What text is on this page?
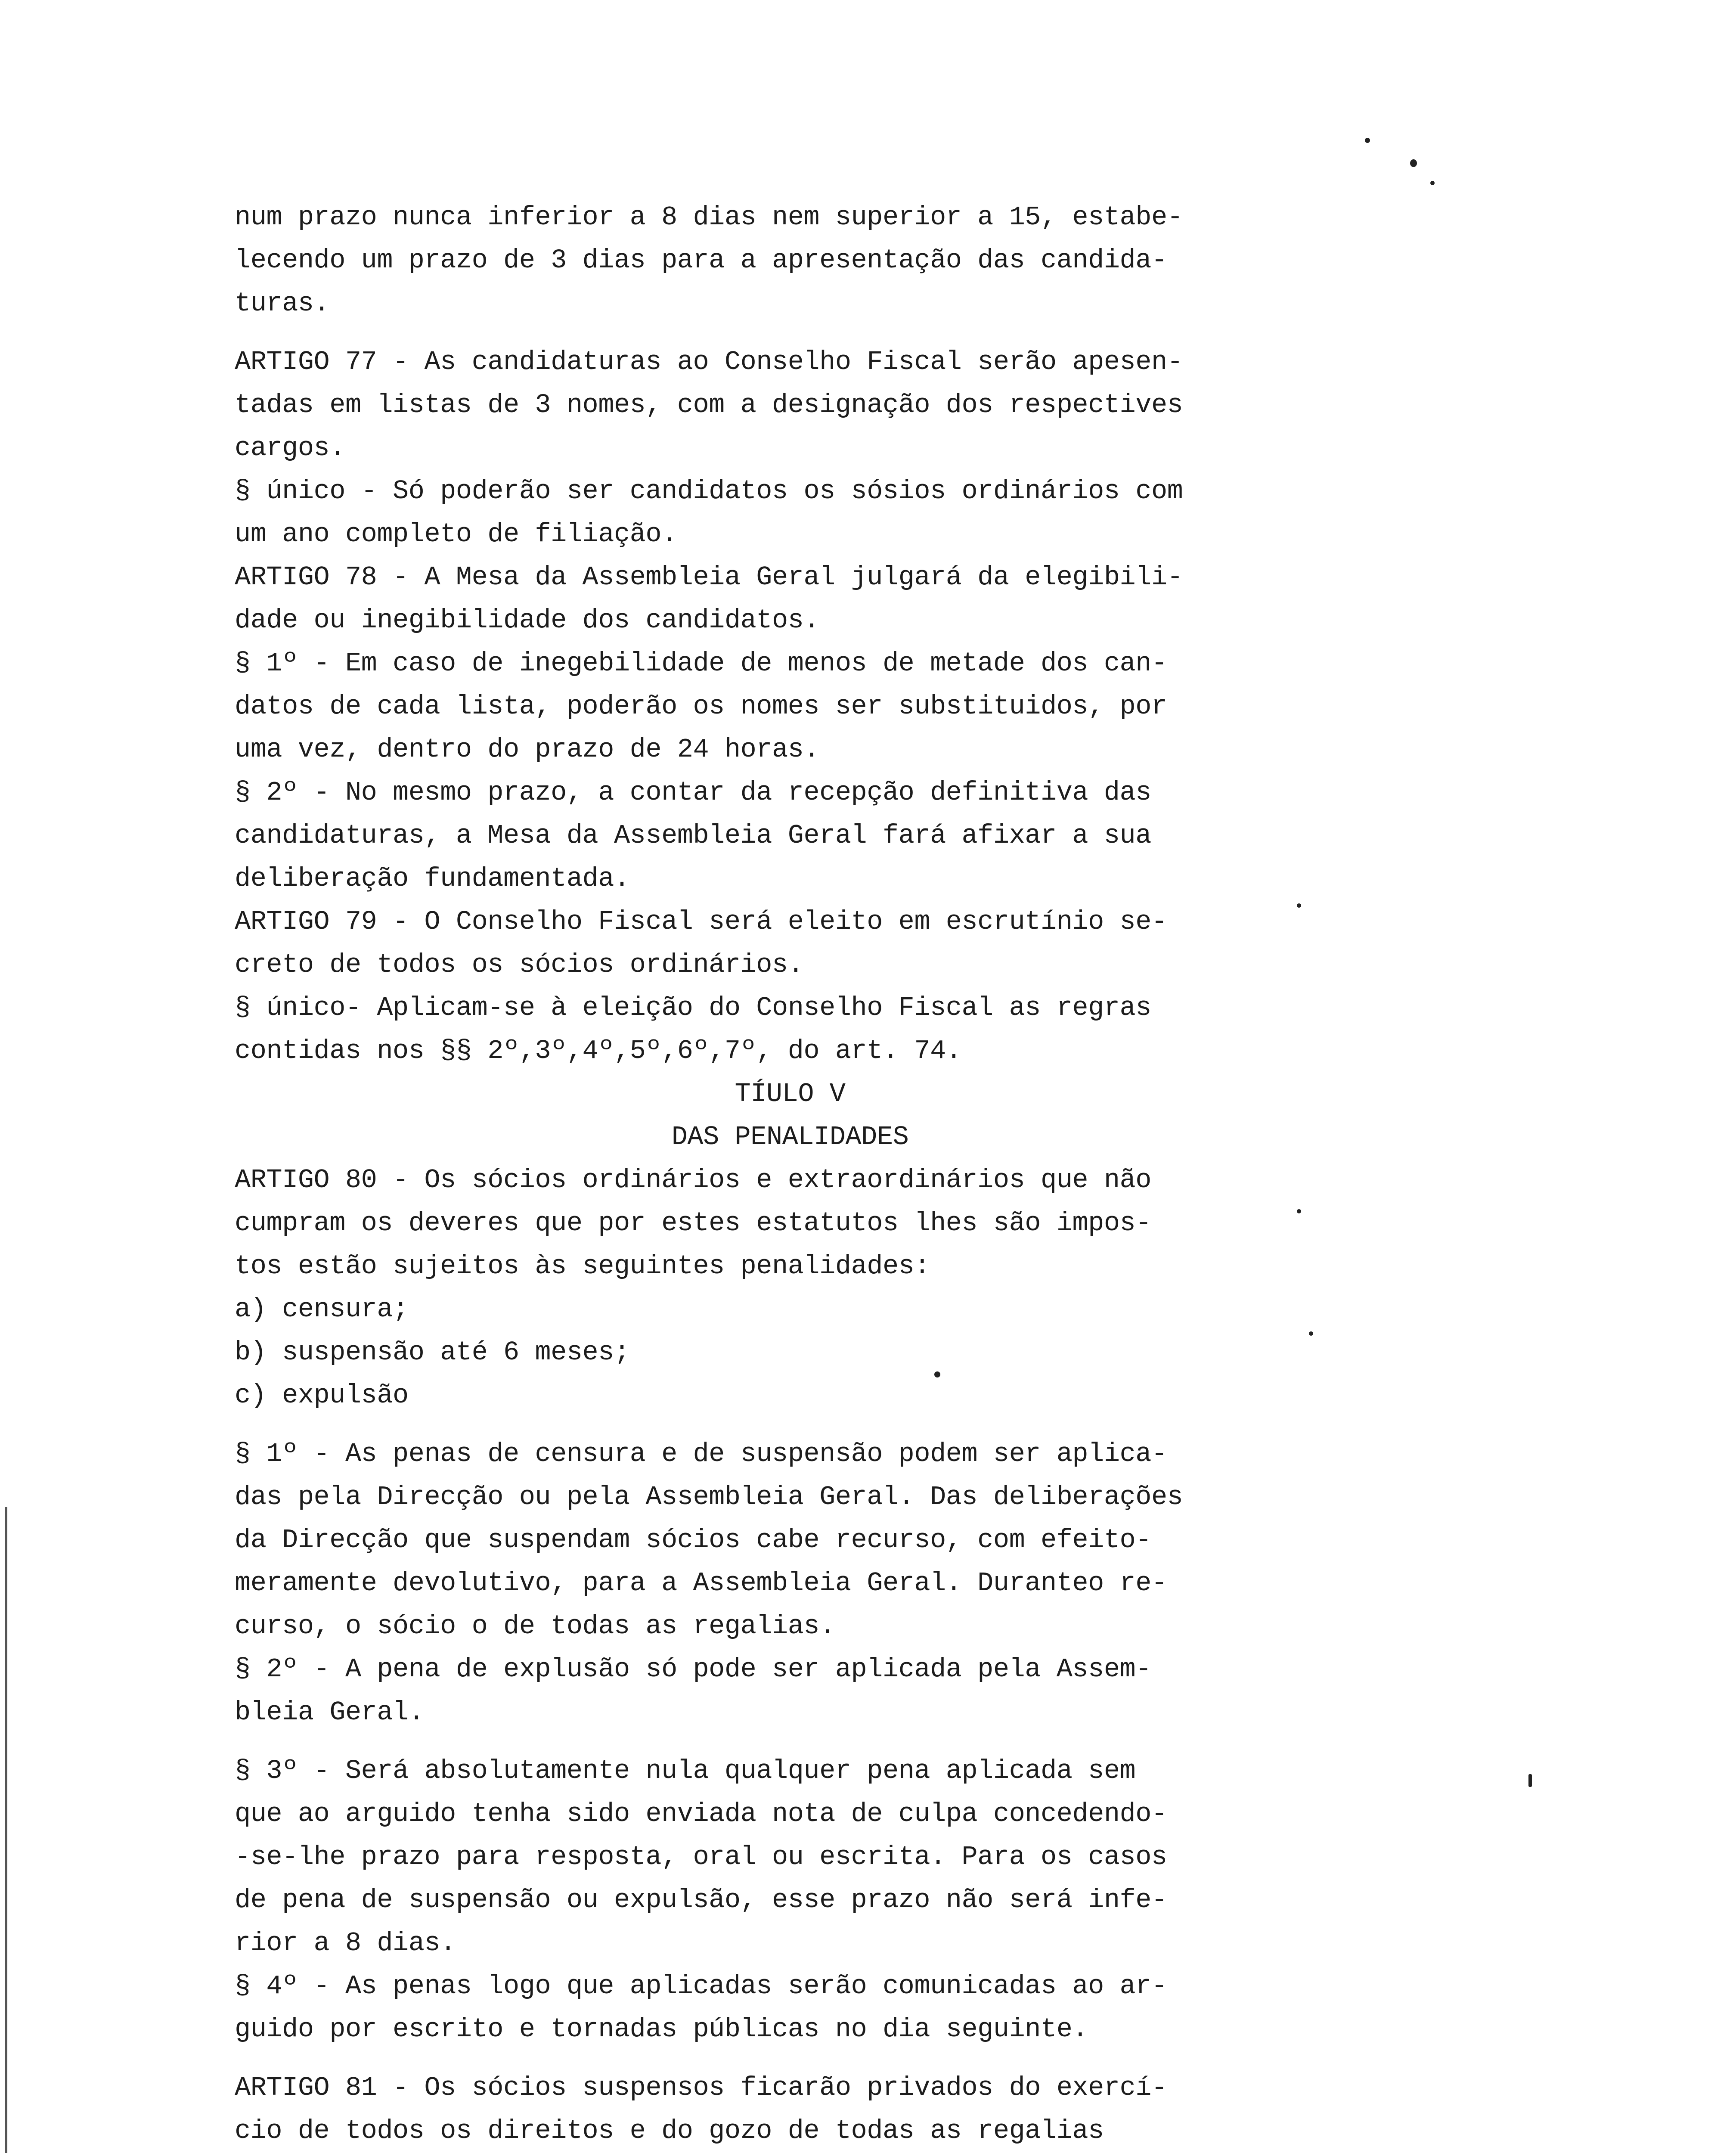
num prazo nunca inferior a 8 dias nem superior a 15, estabe-
lecendo um prazo de 3 dias para a apresentação das candida-
turas.
ARTIGO 77 - As candidaturas ao Conselho Fiscal serão apesen-
tadas em listas de 3 nomes, com a designação dos respectives
cargos.
§ único - Só poderão ser candidatos os sósios ordinários com
um ano completo de filiação.
ARTIGO 78 - A Mesa da Assembleia Geral julgará da elegibili-
dade ou inegibilidade dos candidatos.
§ 1º - Em caso de inegebilidade de menos de metade dos can-
datos de cada lista, poderão os nomes ser substituidos, por
uma vez, dentro do prazo de 24 horas.
§ 2º - No mesmo prazo, a contar da recepção definitiva das
candidaturas, a Mesa da Assembleia Geral fará afixar a sua
deliberação fundamentada.
ARTIGO 79 - O Conselho Fiscal será eleito em escrutínio se-
creto de todos os sócios ordinários.
§ único- Aplicam-se à eleição do Conselho Fiscal as regras
contidas nos §§ 2º,3º,4º,5º,6º,7º, do art. 74.
TÍULO V
DAS PENALIDADES
ARTIGO 80 - Os sócios ordinários e extraordinários que não
cumpram os deveres que por estes estatutos lhes são impos-
tos estão sujeitos às seguintes penalidades:
a) censura;
b) suspensão até 6 meses;
c) expulsão
§ 1º - As penas de censura e de suspensão podem ser aplica-
das pela Direcção ou pela Assembleia Geral. Das deliberações
da Direcção que suspendam sócios cabe recurso, com efeito-
meramente devolutivo, para a Assembleia Geral. Duranteo re-
curso, o sócio o de todas as regalias.
§ 2º - A pena de explusão só pode ser aplicada pela Assem-
bleia Geral.
§ 3º - Será absolutamente nula qualquer pena aplicada sem
que ao arguido tenha sido enviada nota de culpa concedendo-
-se-lhe prazo para resposta, oral ou escrita. Para os casos
de pena de suspensão ou expulsão, esse prazo não será infe-
rior a 8 dias.
§ 4º - As penas logo que aplicadas serão comunicadas ao ar-
guido por escrito e tornadas públicas no dia seguinte.
ARTIGO 81 - Os sócios suspensos ficarão privados do exercí-
cio de todos os direitos e do gozo de todas as regalias
